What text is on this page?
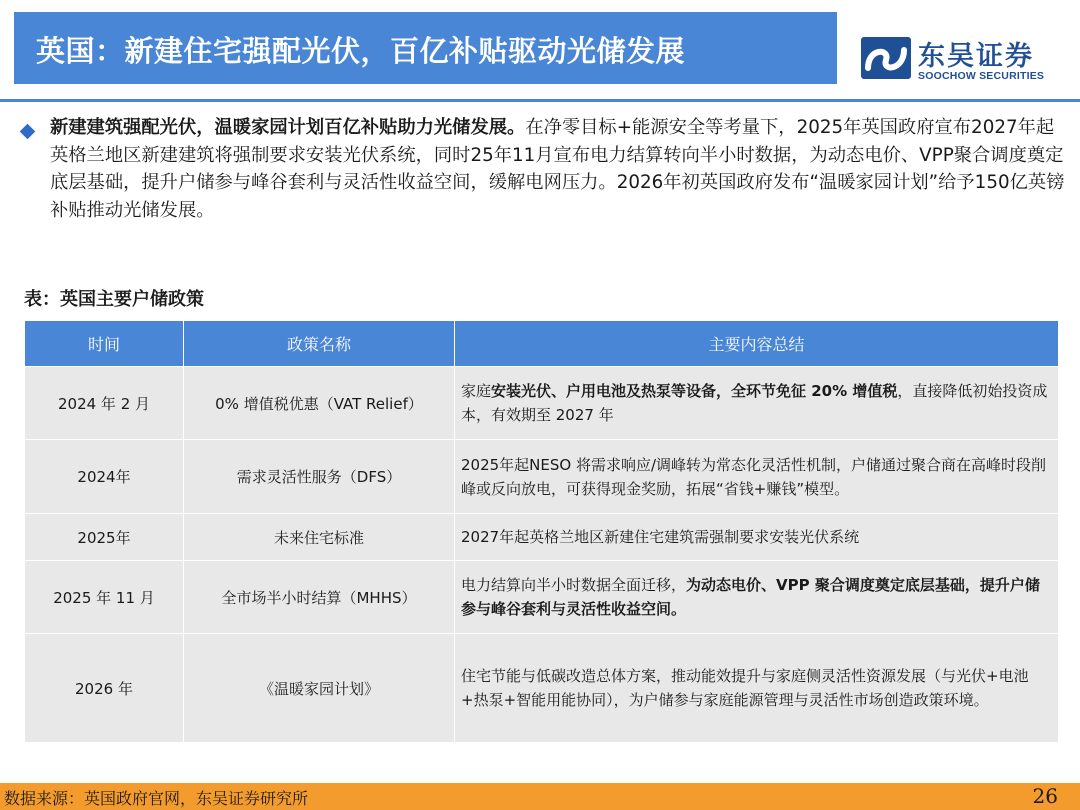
英国：新建住宅强配光伏，百亿补贴驱动光储发展	东吴证券
SOOCHOW SECURITIES

新建建筑强配光伏，温暖家园计划百亿补贴助力光储发展。在净零目标+能源安全等考量下，2025年英国政府宣布2027年起英格兰地区新建建筑将强制要求安装光伏系统，同时25年11月宣布电力结算转向半小时数据，为动态电价、VPP聚合调度奠定底层基础，提升户储参与峰谷套利与灵活性收益空间，缓解电网压力。2026年初英国政府发布“温暖家园计划”给予150亿英镑补贴推动光储发展。

表：英国主要户储政策
时间	政策名称	主要内容总结
2024 年 2 月	0% 增值税优惠（VAT Relief）	家庭安装光伏、户用电池及热泵等设备，全环节免征 20% 增值税，直接降低初始投资成本，有效期至 2027 年
2024年	需求灵活性服务（DFS）	2025年起NESO 将需求响应/调峰转为常态化灵活性机制，户储通过聚合商在高峰时段削峰或反向放电，可获得现金奖励，拓展“省钱+赚钱”模型。
2025年	未来住宅标准	2027年起英格兰地区新建住宅建筑需强制要求安装光伏系统
2025 年 11 月	全市场半小时结算（MHHS）	电力结算向半小时数据全面迁移，为动态电价、VPP 聚合调度奠定底层基础，提升户储参与峰谷套利与灵活性收益空间。
2026 年	《温暖家园计划》	住宅节能与低碳改造总体方案，推动能效提升与家庭侧灵活性资源发展（与光伏+电池+热泵+智能用能协同），为户储参与家庭能源管理与灵活性市场创造政策环境。
数据来源：英国政府官网，东吴证券研究所	26
